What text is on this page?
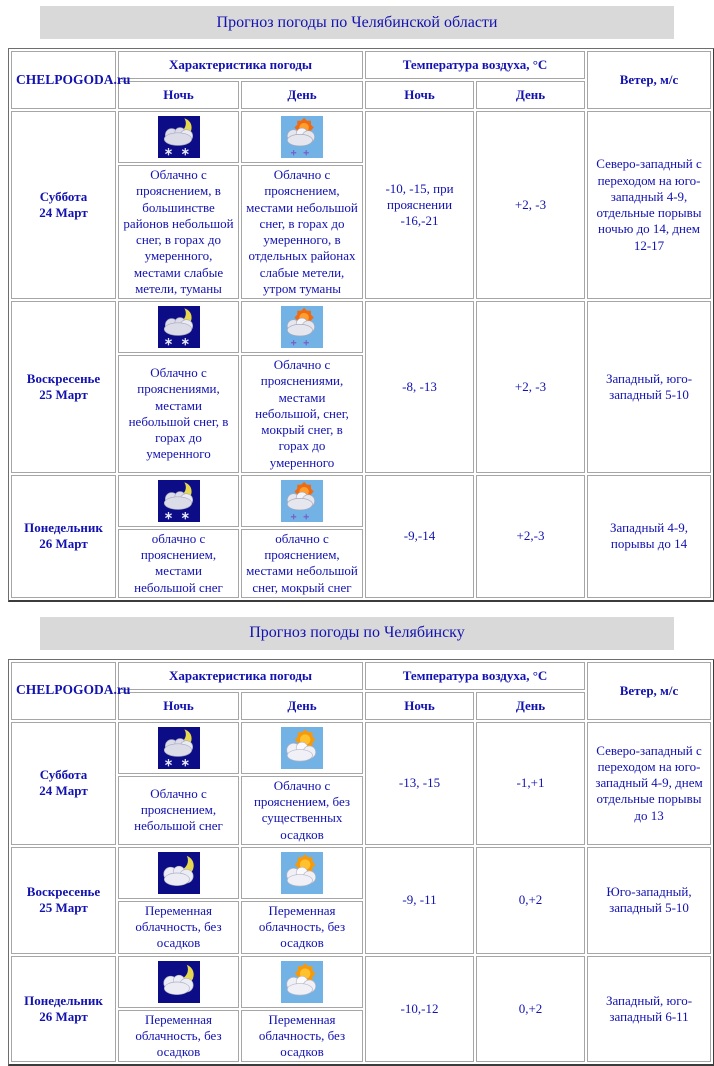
Прогноз погоды по Челябинской области
CHELPOGODA.ru	Характеристика погоды		Температура воздуха, °С		Ветер, м/с
	Ночь	День	Ночь	День	

Суббота
24 Март			-10, -15, при прояснении -16,-21	+2, -3	Северо-западный с переходом на юго-западный 4-9, отдельные порывы ночью до 14, днем 12-17
	Облачно с прояснением, в большинстве районов небольшой снег, в горах до умеренного, местами слабые метели, туманы	Облачно с прояснением, местами небольшой снег, в горах до умеренного, в отдельных районах слабые метели, утром туманы			

Воскресенье
25 Март			-8, -13	+2, -3	Западный, юго-западный 5-10
	Облачно с прояснениями, местами небольшой снег, в горах до умеренного	Облачно с прояснениями, местами небольшой, снег, мокрый снег, в горах до умеренного			

Понедельник
26 Март			-9,-14	+2,-3	Западный 4-9, порывы до 14
	облачно с прояснением, местами небольшой снег	облачно с прояснением, местами небольшой снег, мокрый снег			
Прогноз погоды по Челябинску
CHELPOGODA.ru	Характеристика погоды		Температура воздуха, °С		Ветер, м/с
	Ночь	День	Ночь	День	

Суббота
24 Март			-13, -15	-1,+1	Северо-западный с переходом на юго-западный 4-9, днем отдельные порывы до 13
	Облачно с прояснением, небольшой снег	Облачно с прояснением, без существенных осадков			

Воскресенье
25 Март			-9, -11	0,+2	Юго-западный, западный 5-10
	Переменная облачность, без осадков	Переменная облачность, без осадков			

Понедельник
26 Март			-10,-12	0,+2	Западный, юго-западный 6-11
	Переменная облачность, без осадков	Переменная облачность, без осадков			
